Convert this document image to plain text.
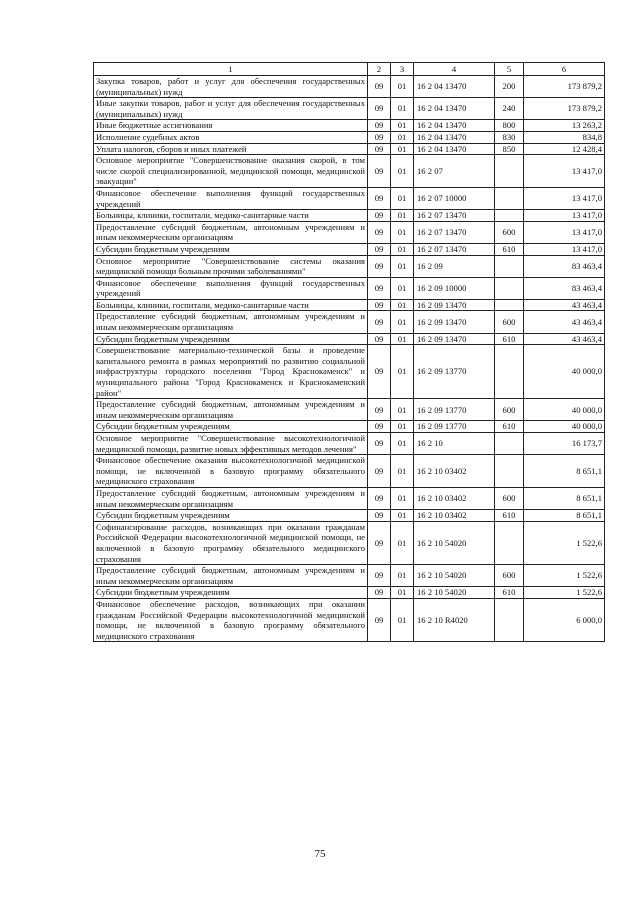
1	2	3	4	5	6
Закупка товаров, работ и услуг для обеспечения государственных (муниципальных) нужд	09	01	16 2 04 13470	200	173 879,2
Иные закупки товаров, работ и услуг для обеспечения государственных (муниципальных) нужд	09	01	16 2 04 13470	240	173 879,2
Иные бюджетные ассигнования	09	01	16 2 04 13470	800	13 263,2
Исполнение судебных актов	09	01	16 2 04 13470	830	834,8
Уплата налогов, сборов и иных платежей	09	01	16 2 04 13470	850	12 428,4
Основное мероприятие "Совершенствование оказания скорой, в том числе скорой специализированной, медицинской помощи, медицинской эвакуации"	09	01	16 2 07		13 417,0
Финансовое обеспечение выполнения функций государственных учреждений	09	01	16 2 07 10000		13 417,0
Больницы, клиники, госпитали, медико-санитарные части	09	01	16 2 07 13470		13 417,0
Предоставление субсидий бюджетным, автономным учреждениям и иным некоммерческим организациям	09	01	16 2 07 13470	600	13 417,0
Субсидии бюджетным учреждениям	09	01	16 2 07 13470	610	13 417,0
Основное мероприятие "Совершенствование системы оказания медицинской помощи больным прочими заболеваниями"	09	01	16 2 09		83 463,4
Финансовое обеспечение выполнения функций государственных учреждений	09	01	16 2 09 10000		83 463,4
Больницы, клиники, госпитали, медико-санитарные части	09	01	16 2 09 13470		43 463,4
Предоставление субсидий бюджетным, автономным учреждениям и иным некоммерческим организациям	09	01	16 2 09 13470	600	43 463,4
Субсидии бюджетным учреждениям	09	01	16 2 09 13470	610	43 463,4
Совершенствование материально-технической базы и проведение капитального ремонта в рамках мероприятий по развитию социальной инфраструктуры городского поселения "Город Краснокаменск" и муниципального района "Город Краснокаменск и Краснокаменский район"	09	01	16 2 09 13770		40 000,0
Предоставление субсидий бюджетным, автономным учреждениям и иным некоммерческим организациям	09	01	16 2 09 13770	600	40 000,0
Субсидии бюджетным учреждениям	09	01	16 2 09 13770	610	40 000,0
Основное мероприятие "Совершенствование высокотехнологичной медицинской помощи, развитие новых эффективных методов лечения"	09	01	16 2 10		16 173,7
Финансовое обеспечение оказания высокотехнологичной медицинской помощи, не включенной в базовую программу обязательного медицинского страхования	09	01	16 2 10 03402		8 651,1
Предоставление субсидий бюджетным, автономным учреждениям и иным некоммерческим организациям	09	01	16 2 10 03402	600	8 651,1
Субсидии бюджетным учреждениям	09	01	16 2 10 03402	610	8 651,1
Софинансирование расходов, возникающих при оказании гражданам Российской Федерации высокотехнологичной медицинской помощи, не включенной в базовую программу обязательного медицинского страхования	09	01	16 2 10 54020		1 522,6
Предоставление субсидий бюджетным, автономным учреждениям и иным некоммерческим организациям	09	01	16 2 10 54020	600	1 522,6
Субсидии бюджетным учреждениям	09	01	16 2 10 54020	610	1 522,6
Финансовое обеспечение расходов, возникающих при оказании гражданам Российской Федерации высокотехнологичной медицинской помощи, не включенной в базовую программу обязательного медицинского страхования	09	01	16 2 10 R4020		6 000,0
75
